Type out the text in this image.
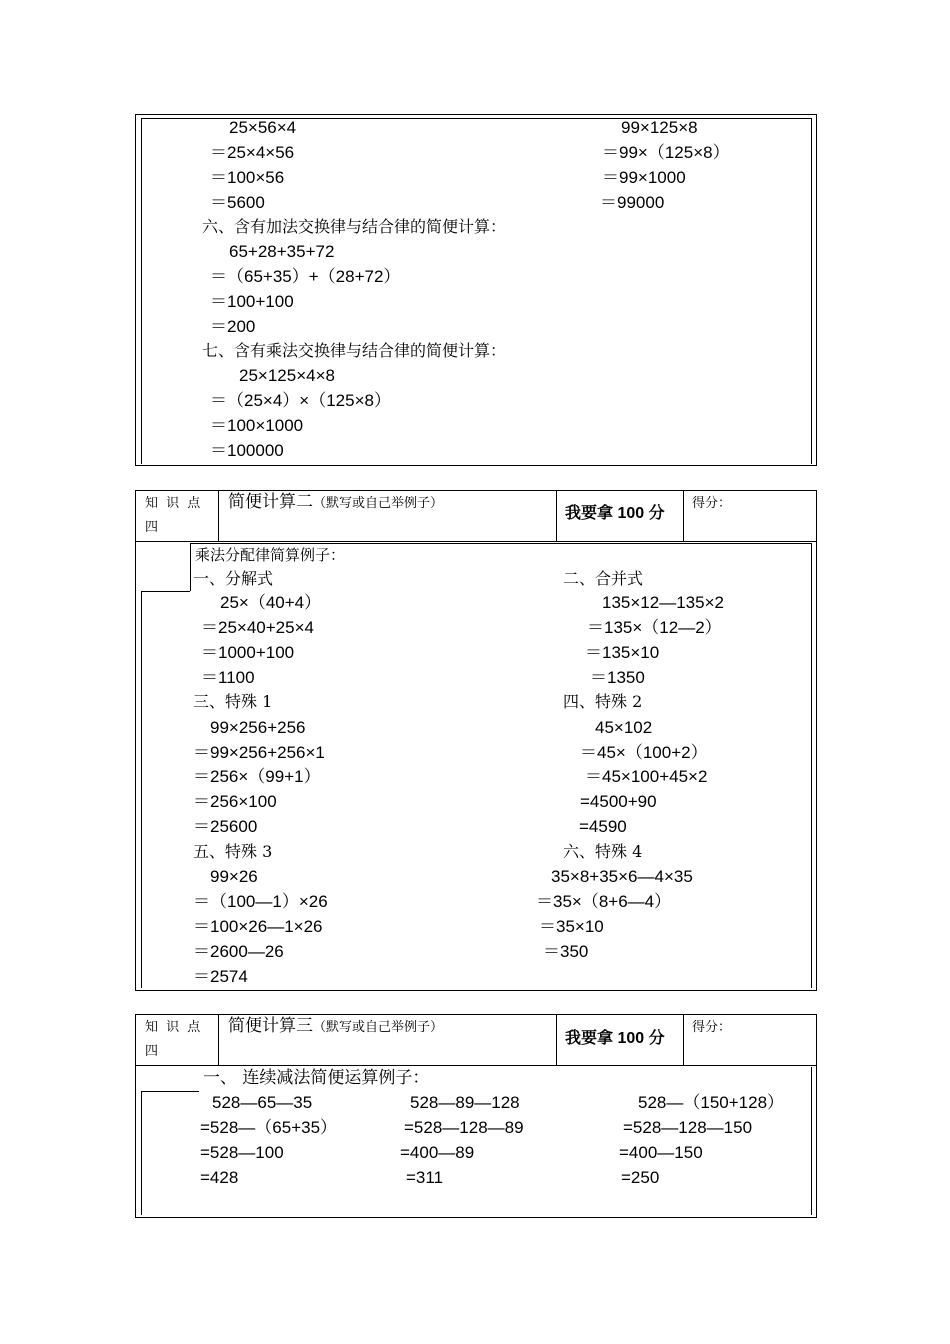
25×56×4
＝25×4×56
＝100×56
＝5600
99×125×8
＝99×（125×8）
＝99×1000
＝99000
六、含有加法交换律与结合律的简便计算：
65+28+35+72
＝（65+35）+（28+72）
＝100+100
＝200
七、含有乘法交换律与结合律的简便计算：
25×125×4×8
＝（25×4）×（125×8）
＝100×1000
＝100000
知 识 点
四
简便计算二（默写或自己举例子）
我要拿 100 分
得分：
乘法分配律简算例子：
一、分解式
25×（40+4）
＝25×40+25×4
＝1000+100
＝1100
二、合并式
135×12—135×2
＝135×（12—2）
＝135×10
＝1350
三、特殊 1
99×256+256
＝99×256+256×1
＝256×（99+1）
＝256×100
＝25600
四、特殊 2
45×102
＝45×（100+2）
＝45×100+45×2
=4500+90
=4590
五、特殊 3
99×26
＝（100—1）×26
＝100×26—1×26
＝2600—26
＝2574
六、特殊 4
35×8+35×6—4×35
＝35×（8+6—4）
＝35×10
＝350
知 识 点
四
简便计算三（默写或自己举例子）
我要拿 100 分
得分：
一、 连续减法简便运算例子：
528—65—35
=528—（65+35）
=528—100
=428
528—89—128
=528—128—89
=400—89
=311
528—（150+128）
=528—128—150
=400—150
=250
